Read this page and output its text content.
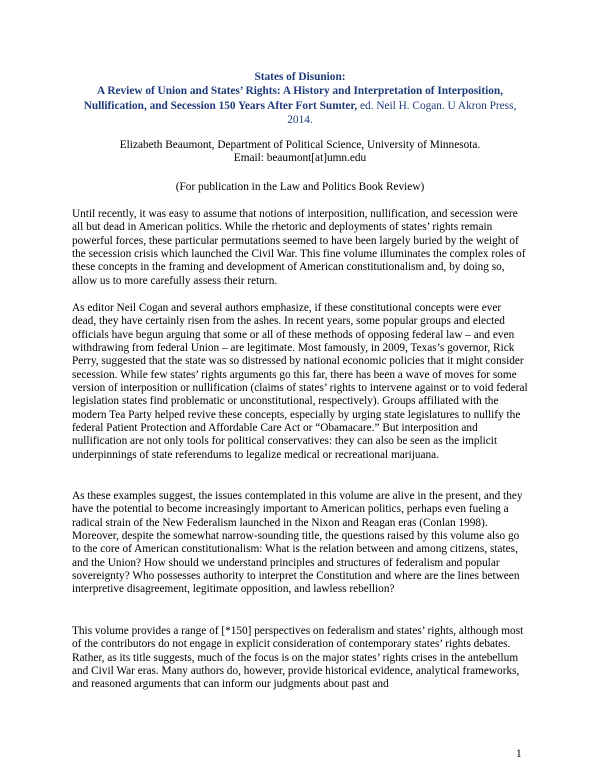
States of Disunion:
A Review of Union and States’ Rights: A History and Interpretation of Interposition, Nullification, and Secession 150 Years After Fort Sumter, ed. Neil H. Cogan. U Akron Press, 2014.
Elizabeth Beaumont, Department of Political Science, University of Minnesota.
Email: beaumont[at]umn.edu
(For publication in the Law and Politics Book Review)

Until recently, it was easy to assume that notions of interposition, nullification, and secession were all but dead in American politics. While the rhetoric and deployments of states’ rights remain powerful forces, these particular permutations seemed to have been largely buried by the weight of the secession crisis which launched the Civil War. This fine volume illuminates the complex roles of these concepts in the framing and development of American constitutionalism and, by doing so, allow us to more carefully assess their return.

As editor Neil Cogan and several authors emphasize, if these constitutional concepts were ever dead, they have certainly risen from the ashes. In recent years, some popular groups and elected officials have begun arguing that some or all of these methods of opposing federal law – and even withdrawing from federal Union – are legitimate. Most famously, in 2009, Texas’s governor, Rick Perry, suggested that the state was so distressed by national economic policies that it might consider secession. While few states’ rights arguments go this far, there has been a wave of moves for some version of interposition or nullification (claims of states’ rights to intervene against or to void federal legislation states find problematic or unconstitutional, respectively). Groups affiliated with the modern Tea Party helped revive these concepts, especially by urging state legislatures to nullify the federal Patient Protection and Affordable Care Act or “Obamacare.” But interposition and nullification are not only tools for political conservatives: they can also be seen as the implicit underpinnings of state referendums to legalize medical or recreational marijuana.

As these examples suggest, the issues contemplated in this volume are alive in the present, and they have the potential to become increasingly important to American politics, perhaps even fueling a radical strain of the New Federalism launched in the Nixon and Reagan eras (Conlan 1998). Moreover, despite the somewhat narrow-sounding title, the questions raised by this volume also go to the core of American constitutionalism: What is the relation between and among citizens, states, and the Union? How should we understand principles and structures of federalism and popular sovereignty? Who possesses authority to interpret the Constitution and where are the lines between interpretive disagreement, legitimate opposition, and lawless rebellion?

This volume provides a range of [*150] perspectives on federalism and states’ rights, although most of the contributors do not engage in explicit consideration of contemporary states’ rights debates. Rather, as its title suggests, much of the focus is on the major states’ rights crises in the antebellum and Civil War eras. Many authors do, however, provide historical evidence, analytical frameworks, and reasoned arguments that can inform our judgments about past and

1
